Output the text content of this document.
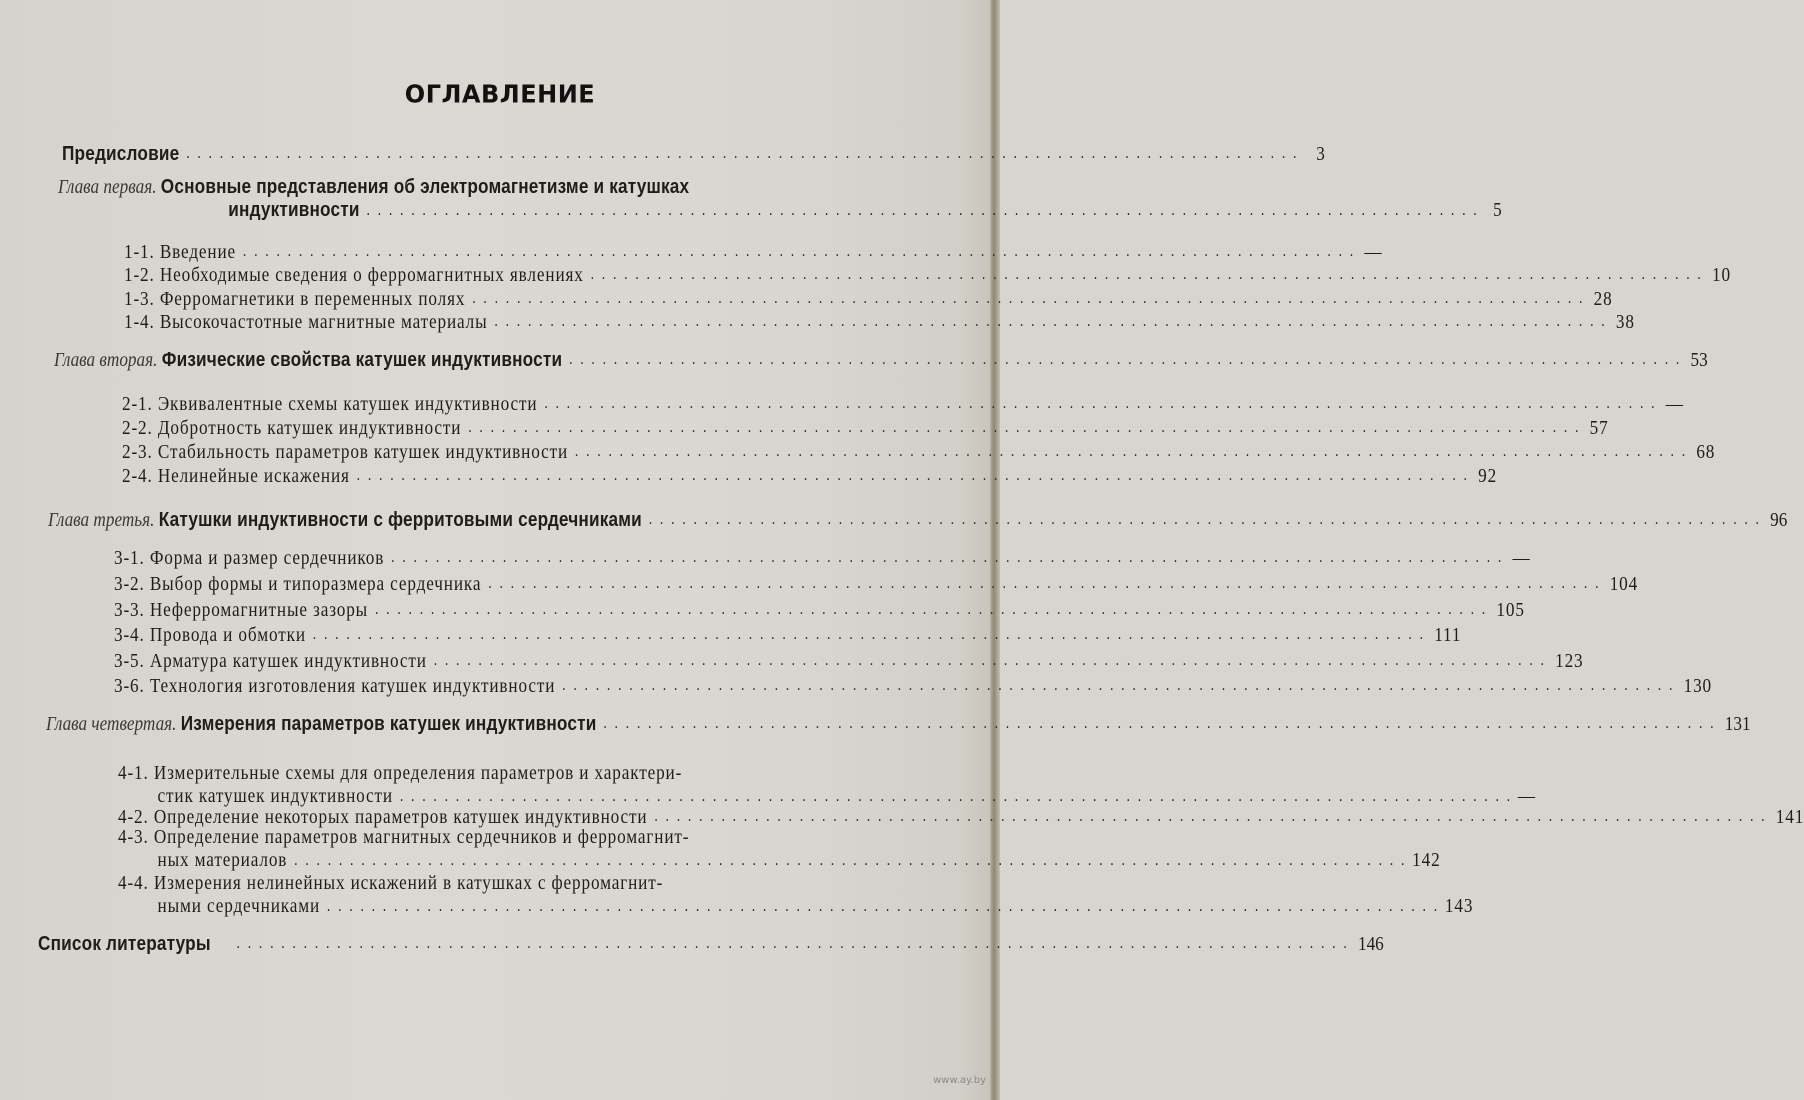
ОГЛАВЛЕНИЕ
Предисловие .................................................................................................... 3
Глава первая. Основные представления об электромагнетизме и катушках
индуктивности .................................................................................................... 5
1-1.
Введение .................................................................................................... —
1-2.
Необходимые сведения о ферромагнитных явлениях .................................................................................................... 10
1-3.
Ферромагнетики в переменных полях .................................................................................................... 28
1-4.
Высокочастотные магнитные материалы .................................................................................................... 38
Глава вторая.
Физические свойства катушек индуктивности .................................................................................................... 53
2-1.
Эквивалентные схемы катушек индуктивности .................................................................................................... —
2-2.
Добротность катушек индуктивности .................................................................................................... 57
2-3.
Стабильность параметров катушек индуктивности .................................................................................................... 68
2-4.
Нелинейные искажения .................................................................................................... 92
Глава третья.
Катушки индуктивности с ферритовыми сердечниками .................................................................................................... 96
3-1.
Форма и размер сердечников .................................................................................................... —
3-2.
Выбор формы и типоразмера сердечника .................................................................................................... 104
3-3.
Неферромагнитные зазоры .................................................................................................... 105
3-4.
Провода и обмотки .................................................................................................... 111
3-5.
Арматура катушек индуктивности .................................................................................................... 123
3-6.
Технология изготовления катушек индуктивности .................................................................................................... 130
Глава четвертая.
Измерения параметров катушек индуктивности .................................................................................................... 131
4-1. Измерительные схемы для определения параметров и характери-
стик катушек индуктивности .................................................................................................... —
4-2.
Определение некоторых параметров катушек индуктивности .................................................................................................... 141
4-3. Определение параметров магнитных сердечников и ферромагнит-
ных материалов .................................................................................................... 142
4-4. Измерения нелинейных искажений в катушках с ферромагнит-
ными сердечниками .................................................................................................... 143
Список литературы	.................................................................................................... 146
www.ay.by
